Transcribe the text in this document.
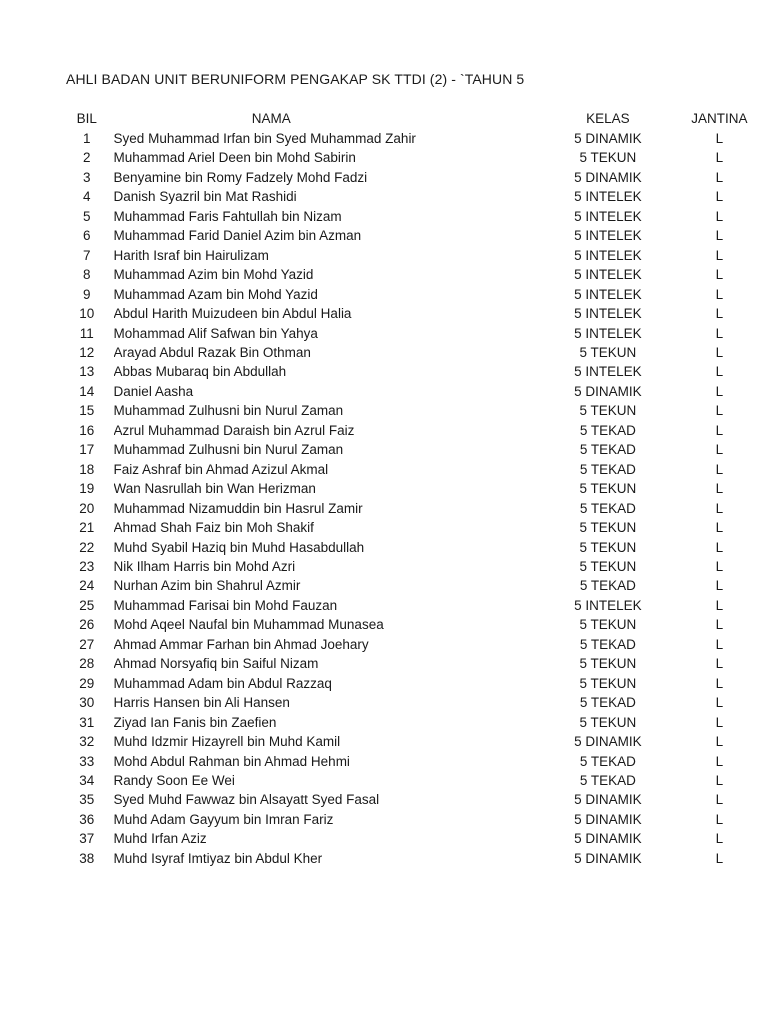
AHLI BADAN UNIT BERUNIFORM PENGAKAP SK TTDI (2) - `TAHUN 5
BIL	NAMA	KELAS	JANTINA
1	Syed Muhammad Irfan bin Syed Muhammad Zahir	5 DINAMIK	L
2	Muhammad Ariel Deen bin Mohd Sabirin	5 TEKUN	L
3	Benyamine bin Romy Fadzely Mohd Fadzi	5 DINAMIK	L
4	Danish Syazril bin Mat Rashidi	5 INTELEK	L
5	Muhammad Faris Fahtullah bin Nizam	5 INTELEK	L
6	Muhammad Farid Daniel Azim bin Azman	5 INTELEK	L
7	Harith Israf bin Hairulizam	5 INTELEK	L
8	Muhammad Azim bin Mohd Yazid	5 INTELEK	L
9	Muhammad Azam bin Mohd Yazid	5 INTELEK	L
10	Abdul Harith Muizudeen bin Abdul Halia	5 INTELEK	L
11	Mohammad Alif Safwan bin Yahya	5 INTELEK	L
12	Arayad Abdul Razak Bin Othman	5 TEKUN	L
13	Abbas Mubaraq bin Abdullah	5 INTELEK	L
14	Daniel Aasha	5 DINAMIK	L
15	Muhammad Zulhusni bin Nurul Zaman	5 TEKUN	L
16	Azrul Muhammad Daraish bin Azrul Faiz	5 TEKAD	L
17	Muhammad Zulhusni bin Nurul Zaman	5 TEKAD	L
18	Faiz Ashraf bin Ahmad Azizul Akmal	5 TEKAD	L
19	Wan Nasrullah bin Wan Herizman	5 TEKUN	L
20	Muhammad Nizamuddin bin Hasrul Zamir	5 TEKAD	L
21	Ahmad Shah Faiz bin Moh Shakif	5 TEKUN	L
22	Muhd Syabil Haziq bin Muhd Hasabdullah	5 TEKUN	L
23	Nik Ilham Harris bin Mohd Azri	5 TEKUN	L
24	Nurhan Azim bin Shahrul Azmir	5 TEKAD	L
25	Muhammad Farisai bin Mohd Fauzan	5 INTELEK	L
26	Mohd Aqeel Naufal bin Muhammad Munasea	5 TEKUN	L
27	Ahmad Ammar Farhan bin Ahmad Joehary	5 TEKAD	L
28	Ahmad Norsyafiq bin Saiful Nizam	5 TEKUN	L
29	Muhammad Adam bin Abdul Razzaq	5 TEKUN	L
30	Harris Hansen bin Ali Hansen	5 TEKAD	L
31	Ziyad Ian Fanis bin Zaefien	5 TEKUN	L
32	Muhd Idzmir Hizayrell bin Muhd Kamil	5 DINAMIK	L
33	Mohd Abdul Rahman bin Ahmad Hehmi	5 TEKAD	L
34	Randy Soon Ee Wei	5 TEKAD	L
35	Syed Muhd Fawwaz bin Alsayatt Syed Fasal	5 DINAMIK	L
36	Muhd Adam Gayyum bin Imran Fariz	5 DINAMIK	L
37	Muhd Irfan Aziz	5 DINAMIK	L
38	Muhd Isyraf Imtiyaz bin Abdul Kher	5 DINAMIK	L
